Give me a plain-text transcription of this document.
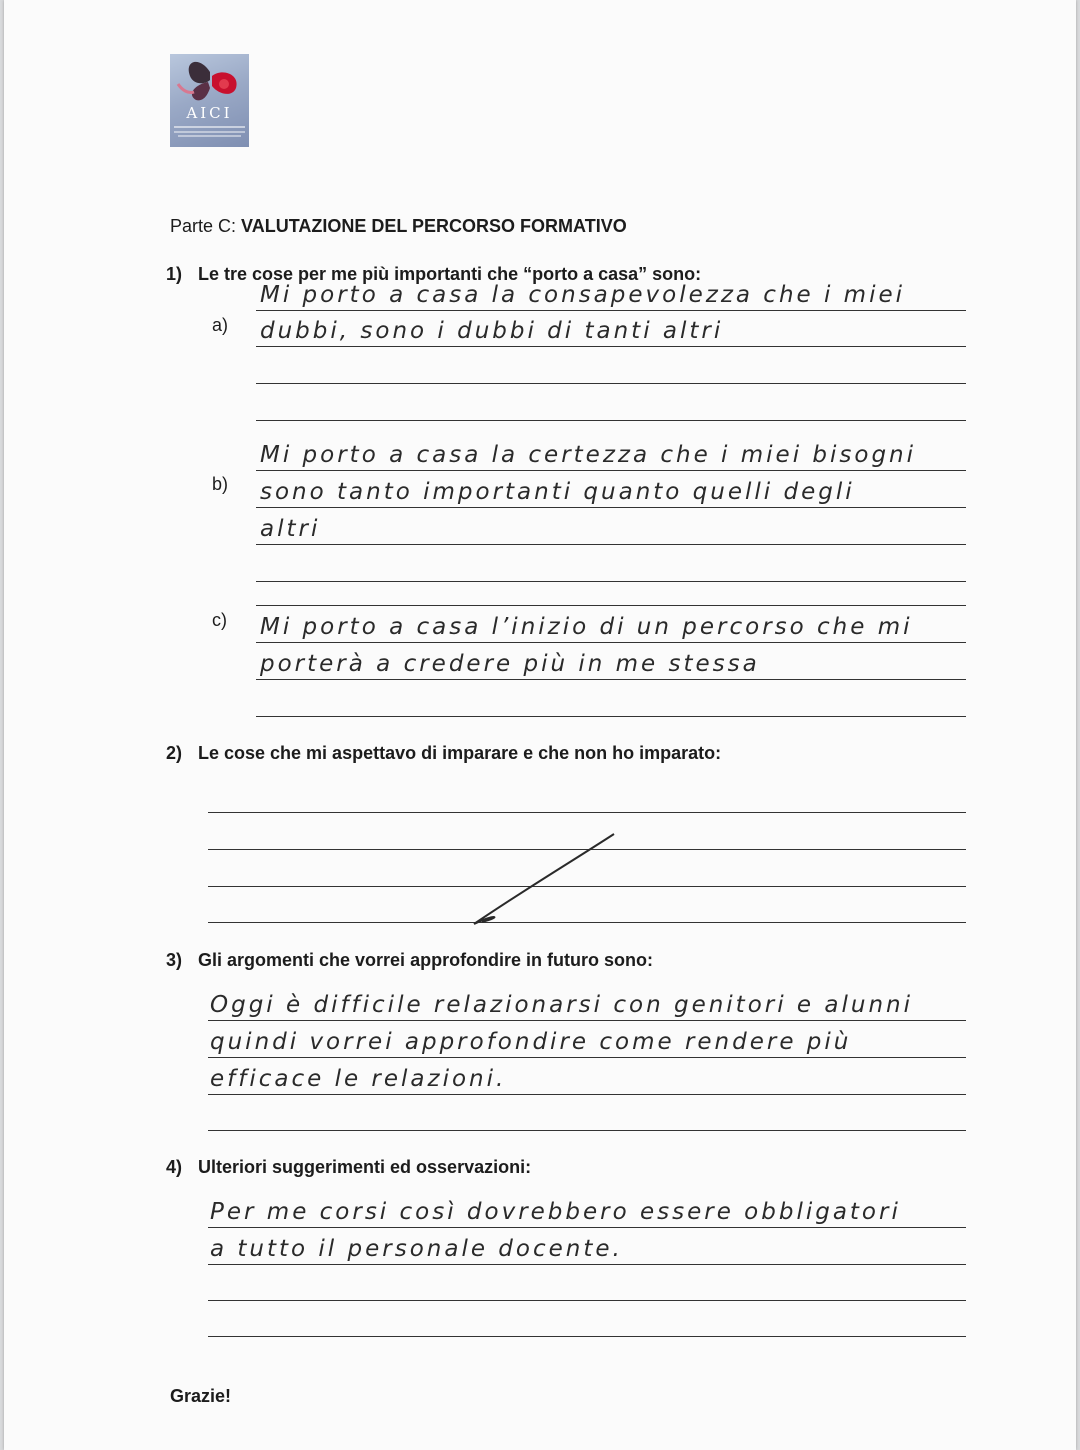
AICI
Parte C: VALUTAZIONE DEL PERCORSO FORMATIVO
1) Le tre cose per me più importanti che “porto a casa” sono:
a)
Mi porto a casa la consapevolezza che i miei
dubbi, sono i dubbi di tanti altri
b)
Mi porto a casa la certezza che i miei bisogni
sono tanto importanti quanto quelli degli
altri
c) Mi porto a casa l’inizio di un percorso che mi
porterà a credere più in me stessa
2) Le cose che mi aspettavo di imparare e che non ho imparato:
3) Gli argomenti che vorrei approfondire in futuro sono:
Oggi è difficile relazionarsi con genitori e alunni
quindi vorrei approfondire come rendere più
efficace le relazioni.
4) Ulteriori suggerimenti ed osservazioni:
Per me corsi così dovrebbero essere obbligatori
a tutto il personale docente.
Grazie!
